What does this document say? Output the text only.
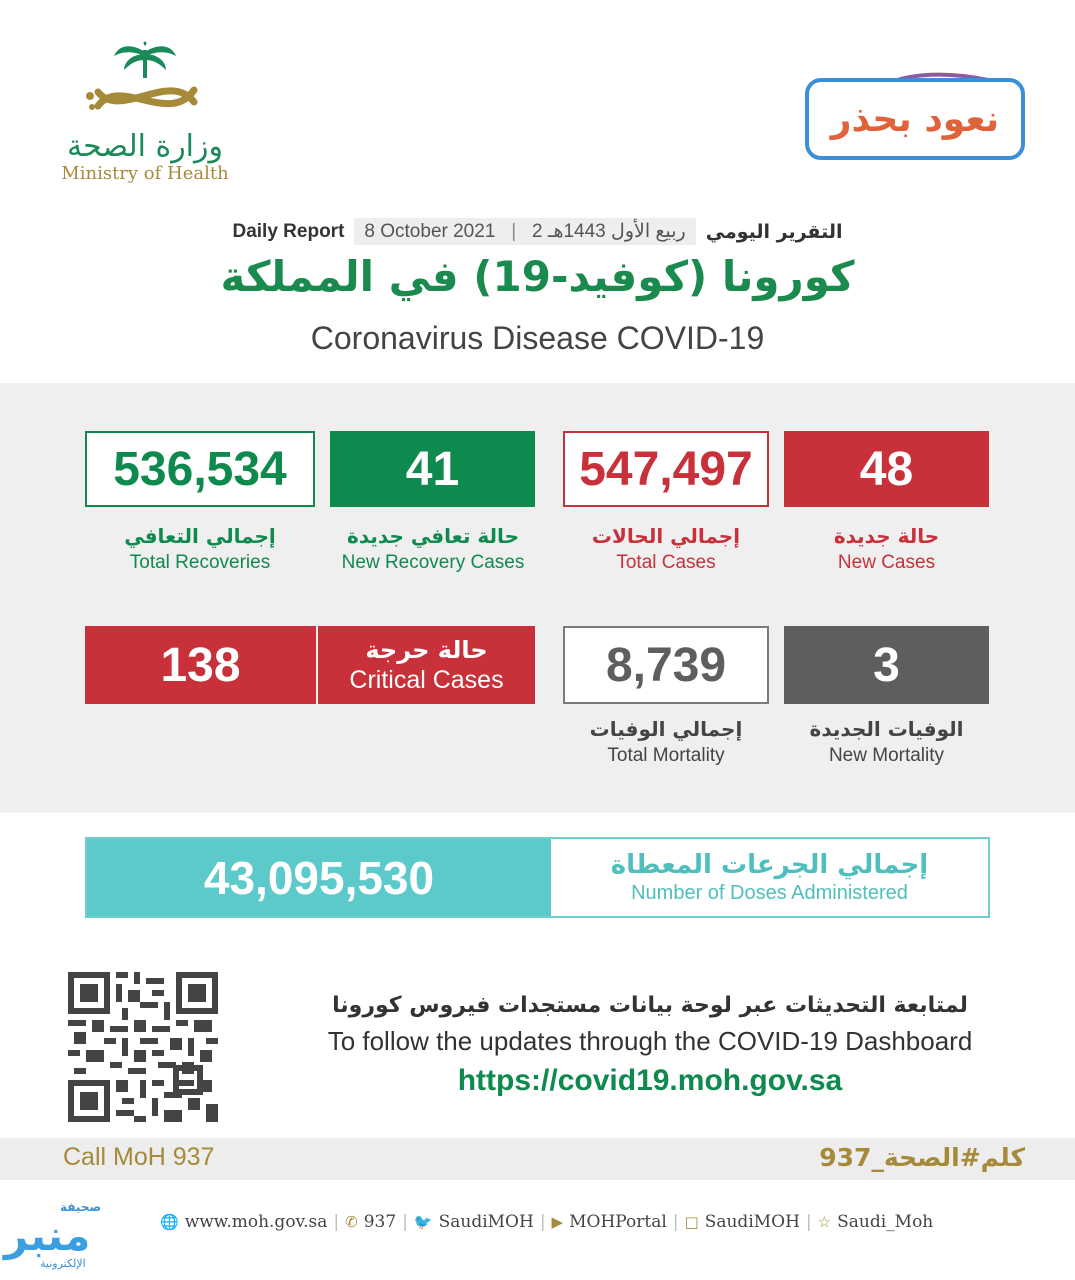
وزارة الصحة
Ministry of Health
نعود بحذر
Daily Report	8 October 2021   |   2 ربيع الأول 1443هـ	التقرير اليومي
كورونا (كوفيد-19) في المملكة
Coronavirus Disease COVID-19
536,534
إجمالي التعافي
Total Recoveries
41
حالة تعافي جديدة
New Recovery Cases
547,497
إجمالي الحالات
Total Cases
48
حالة جديدة
New Cases
138	حالة حرجة
Critical Cases 8,739
إجمالي الوفيات
Total Mortality
3
الوفيات الجديدة
New Mortality
43,095,530	إجمالي الجرعات المعطاة
Number of Doses Administered
لمتابعة التحديثات عبر لوحة بيانات مستجدات فيروس كورونا
To follow the updates through the COVID-19 Dashboard
https://covid19.moh.gov.sa
Call MoH 937	كلم#الصحة_937
🌐 www.moh.gov.sa | ✆ 937 | 🐦 SaudiMOH | ▶ MOHPortal | □ SaudiMOH | ☆ Saudi_Moh
صحيفة
منبر
الإلكترونية
